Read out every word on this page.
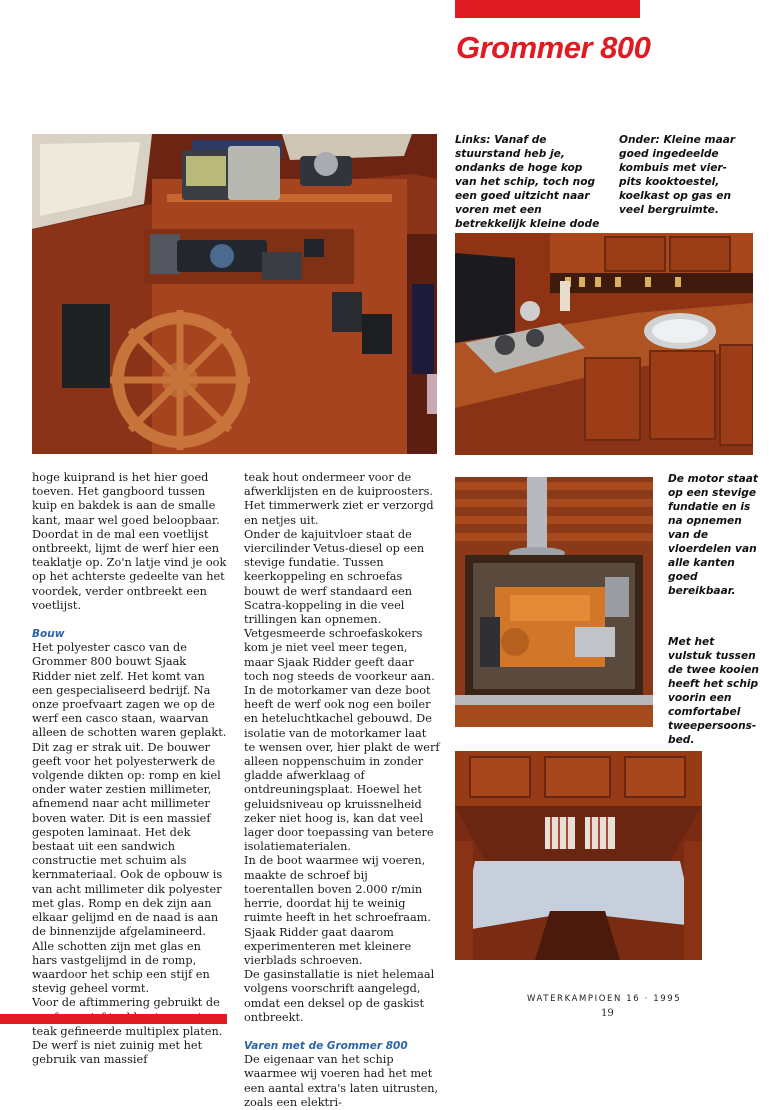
Grommer 800
Links: Vanaf de stuurstand heb je, ondanks de hoge kop van het schip, toch nog een goed uitzicht naar voren met een betrekkelijk kleine dode
Onder: Kleine maar goed ingedeelde kombuis met vier-pits kooktoestel, koelkast op gas en veel bergruimte.
De motor staat op een stevige fundatie en is na opnemen van de vloerdelen van alle kanten goed bereikbaar.
Met het vulstuk tussen de twee kooien heeft het schip voorin een comfortabel tweepersoons-bed.

hoge kuiprand is het hier goed toeven. Het gangboord tussen kuip en bakdek is aan de smalle kant, maar wel goed beloopbaar. Doordat in de mal een voetlijst ontbreekt, lijmt de werf hier een teaklatje op. Zo'n latje vind je ook op het achterste gedeelte van het voordek, verder ontbreekt een voetlijst.

Bouw

Het polyester casco van de Grommer 800 bouwt Sjaak Ridder niet zelf. Het komt van een gespecialiseerd bedrijf. Na onze proefvaart zagen we op de werf een casco staan, waarvan alleen de schotten waren geplakt. Dit zag er strak uit. De bouwer geeft voor het polyesterwerk de volgende dikten op: romp en kiel onder water zestien millimeter, afnemend naar acht millimeter boven water. Dit is een massief gespoten laminaat. Het dek bestaat uit een sandwich constructie met schuim als kernmateriaal. Ook de opbouw is van acht millimeter dik polyester met glas. Romp en dek zijn aan elkaar gelijmd en de naad is aan de binnenzijde afgelamineerd. Alle schotten zijn met glas en hars vastgelijmd in de romp, waardoor het schip een stijf en stevig geheel vormt.

Voor de aftimmering gebruikt de teak gefineerde multiplex platen. De werf is niet zuinig met het gebruik van massief

teak hout ondermeer voor de afwerklijsten en de kuiproosters. Het timmerwerk ziet er verzorgd en netjes uit.

Onder de kajuitvloer staat de viercilinder Vetus-diesel op een stevige fundatie. Tussen keerkoppeling en schroefas bouwt de werf standaard een Scatra-koppeling in die veel trillingen kan opnemen. Vetgesmeerde schroefaskokers kom je niet veel meer tegen, maar Sjaak Ridder geeft daar toch nog steeds de voorkeur aan. In de motorkamer van deze boot heeft de werf ook nog een boiler en heteluchtkachel gebouwd. De isolatie van de motorkamer laat te wensen over, hier plakt de werf alleen noppenschuim in zonder gladde afwerklaag of ontdreuningsplaat. Hoewel het geluidsniveau op kruissnelheid zeker niet hoog is, kan dat veel lager door toepassing van betere isolatiematerialen.

In de boot waarmee wij voeren, maakte de schroef bij toerentallen boven 2.000 r/min herrie, doordat hij te weinig ruimte heeft in het schroefraam. Sjaak Ridder gaat daarom experimenteren met kleinere vierblads schroeven.

De gasinstallatie is niet helemaal volgens voorschrift aangelegd, omdat een deksel op de gaskist ontbreekt.

Varen met de Grommer 800

De eigenaar van het schip waarmee wij voeren had het met een aantal extra's laten uitrusten, zoals een elektri-

WATERKAMPIOEN 16 · 1995
19
